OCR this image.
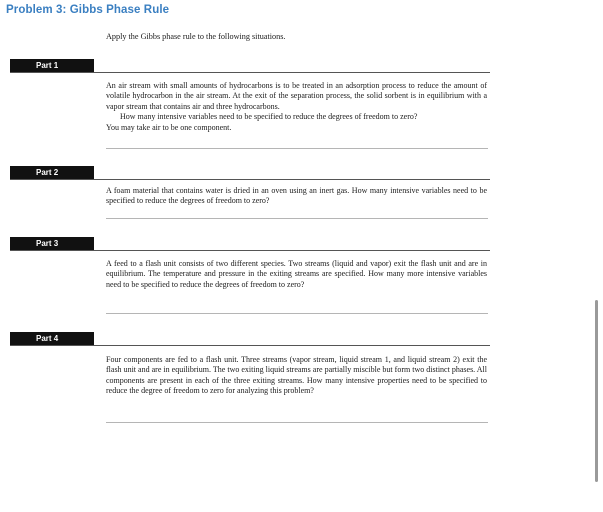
Problem 3: Gibbs Phase Rule
Apply the Gibbs phase rule to the following situations.
Part 1
An air stream with small amounts of hydrocarbons is to be treated in an adsorption process to reduce the amount of volatile hydrocarbon in the air stream. At the exit of the separation process, the solid sorbent is in equilibrium with a vapor stream that contains air and three hydrocarbons.
How many intensive variables need to be specified to reduce the degrees of freedom to zero?
You may take air to be one component.
Part 2
A foam material that contains water is dried in an oven using an inert gas. How many intensive variables need to be specified to reduce the degrees of freedom to zero?
Part 3
A feed to a flash unit consists of two different species. Two streams (liquid and vapor) exit the flash unit and are in equilibrium. The temperature and pressure in the exiting streams are specified. How many more intensive variables need to be specified to reduce the degrees of freedom to zero?
Part 4
Four components are fed to a flash unit. Three streams (vapor stream, liquid stream 1, and liquid stream 2) exit the flash unit and are in equilibrium. The two exiting liquid streams are partially miscible but form two distinct phases. All components are present in each of the three exiting streams. How many intensive properties need to be specified to reduce the degree of freedom to zero for analyzing this problem?
